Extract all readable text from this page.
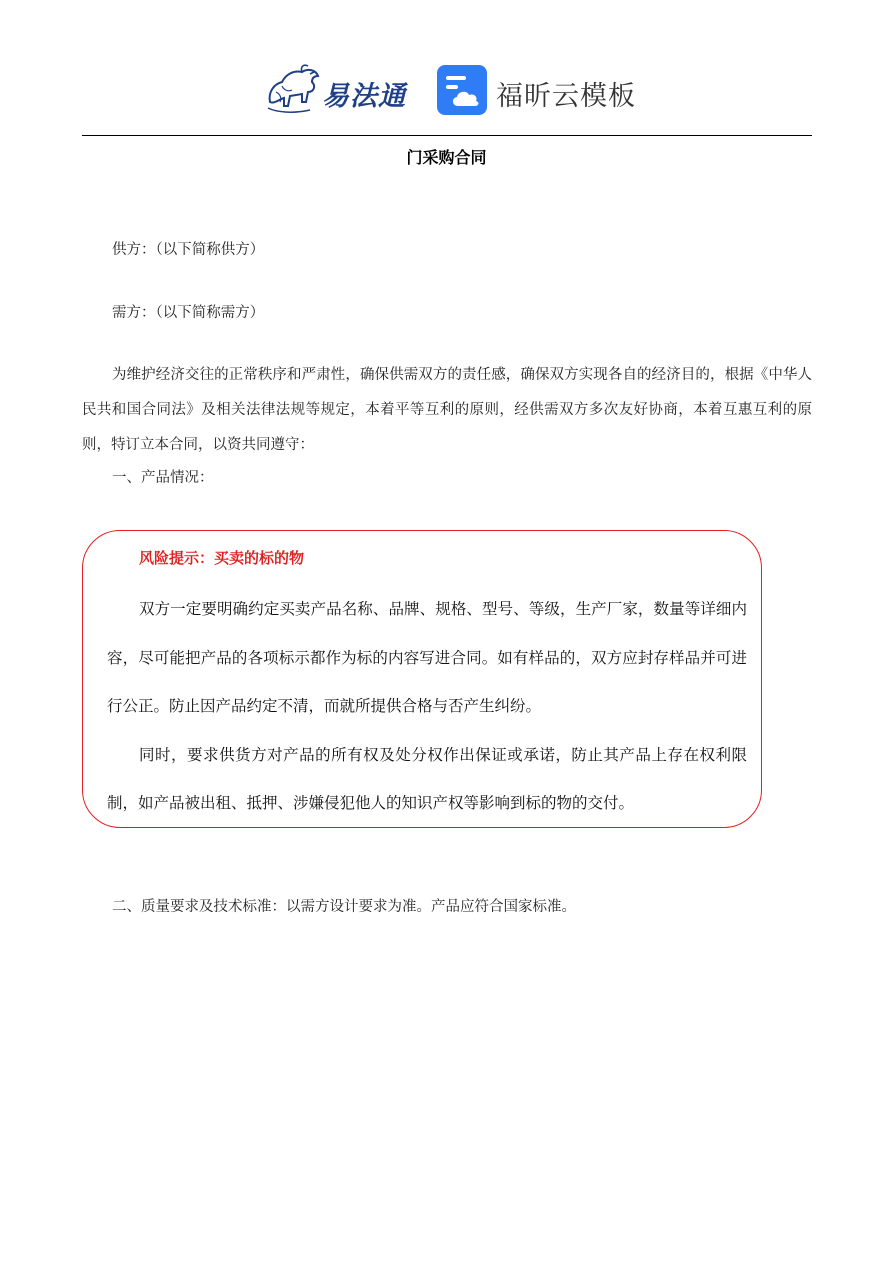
易法通	福昕云模板
门采购合同

供方：（以下简称供方）

需方：（以下简称需方）

为维护经济交往的正常秩序和严肃性，确保供需双方的责任感，确保双方实现各自的经济目的，根据《中华人民共和国合同法》及相关法律法规等规定，本着平等互利的原则，经供需双方多次友好协商，本着互惠互利的原则，特订立本合同，以资共同遵守：

一、产品情况：

风险提示：买卖的标的物

双方一定要明确约定买卖产品名称、品牌、规格、型号、等级，生产厂家，数量等详细内容，尽可能把产品的各项标示都作为标的内容写进合同。如有样品的，双方应封存样品并可进行公正。防止因产品约定不清，而就所提供合格与否产生纠纷。

同时，要求供货方对产品的所有权及处分权作出保证或承诺，防止其产品上存在权利限制，如产品被出租、抵押、涉嫌侵犯他人的知识产权等影响到标的物的交付。

二、质量要求及技术标准：以需方设计要求为准。产品应符合国家标准。
